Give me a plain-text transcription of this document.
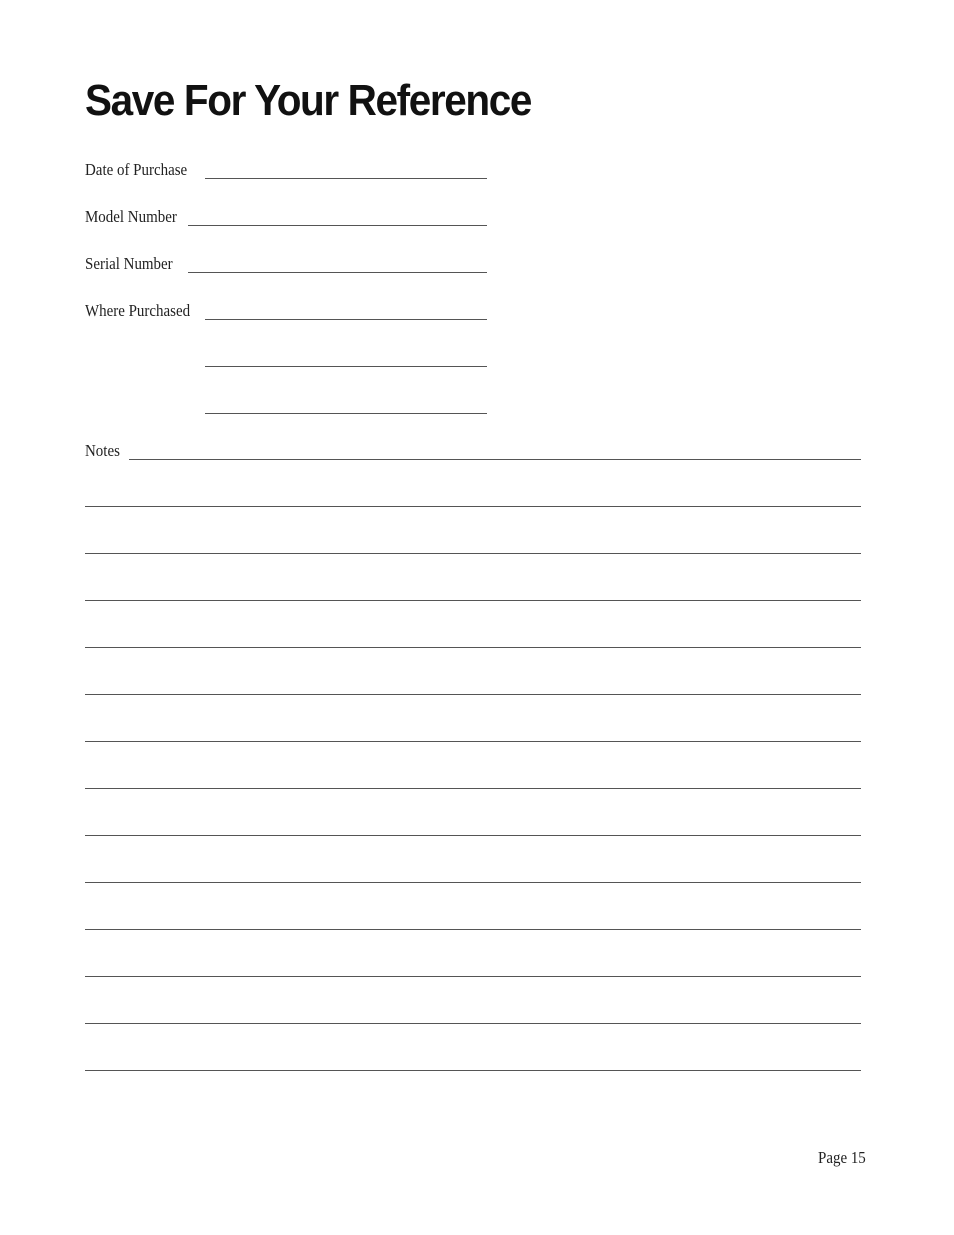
Save For Your Reference
Date of Purchase
Model Number
Serial Number
Where Purchased
Notes
Page 15
